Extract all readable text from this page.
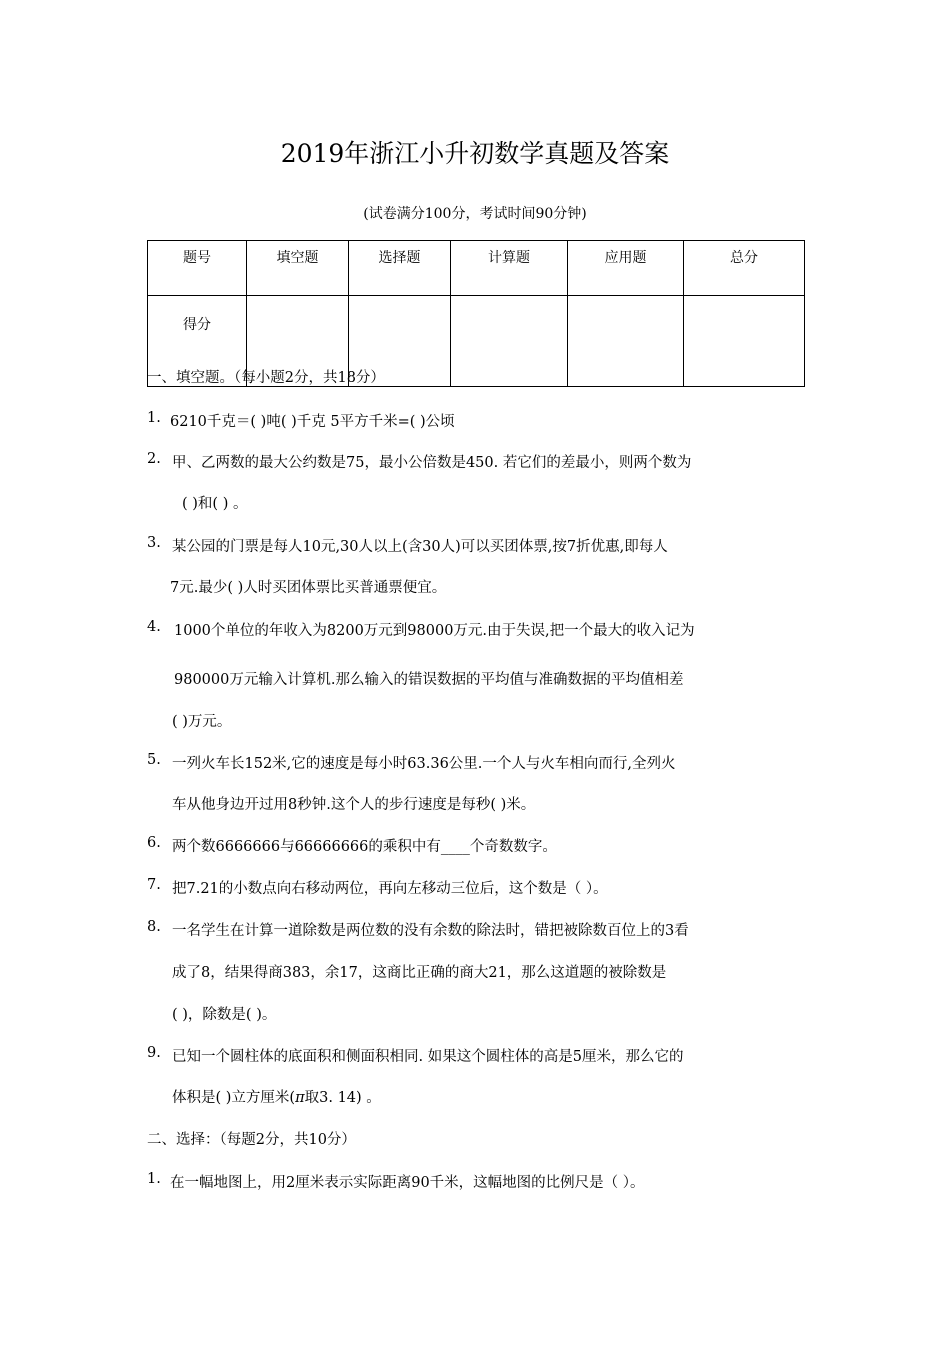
2019年浙江小升初数学真题及答案
(试卷满分100分，考试时间90分钟)
题号	填空题	选择题	计算题	应用题	总分
得分					
一、填空题。（每小题2分，共18分）
1. 6210千克＝( )吨( )千克 5平方千米=( )公顷
2. 甲、乙两数的最大公约数是75，最小公倍数是450. 若它们的差最小，则两个数为
( )和( ) 。
3. 某公园的门票是每人10元,30人以上(含30人)可以买团体票,按7折优惠,即每人
7元.最少( )人时买团体票比买普通票便宜。
4. 1000个单位的年收入为8200万元到98000万元.由于失误,把一个最大的收入记为
980000万元输入计算机.那么输入的错误数据的平均值与准确数据的平均值相差
( )万元。
5. 一列火车长152米,它的速度是每小时63.36公里.一个人与火车相向而行,全列火
车从他身边开过用8秒钟.这个人的步行速度是每秒( )米。
6. 两个数6666666与66666666的乘积中有____个奇数数字。
7. 把7.21的小数点向右移动两位，再向左移动三位后，这个数是（ ）。
8. 一名学生在计算一道除数是两位数的没有余数的除法时，错把被除数百位上的3看
成了8，结果得商383，余17，这商比正确的商大21，那么这道题的被除数是
( )，除数是( )。
9. 已知一个圆柱体的底面积和侧面积相同. 如果这个圆柱体的高是5厘米，那么它的
体积是( )立方厘米(π取3. 14) 。
二、选择：（每题2分，共10分）
1. 在一幅地图上，用2厘米表示实际距离90千米，这幅地图的比例尺是（ ）。
